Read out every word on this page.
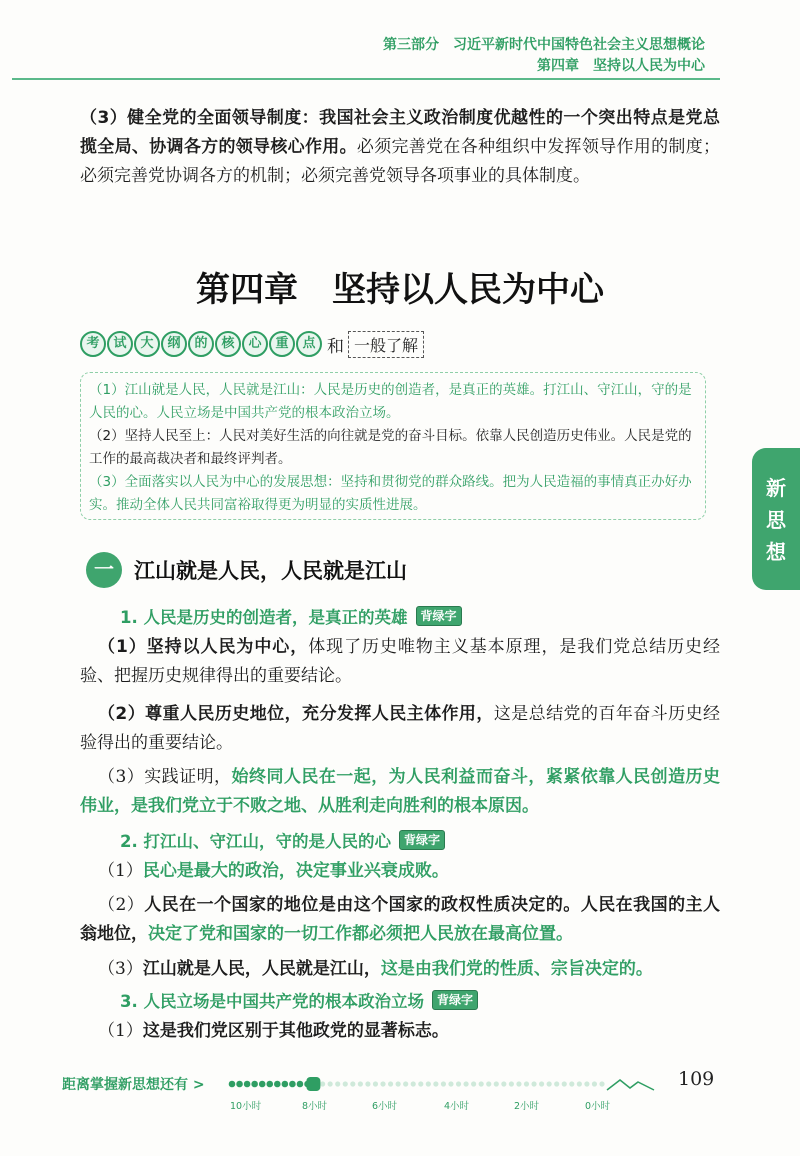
第三部分　习近平新时代中国特色社会主义思想概论
第四章　坚持以人民为中心
（3）健全党的全面领导制度：我国社会主义政治制度优越性的一个突出特点是党总揽全局、协调各方的领导核心作用。必须完善党在各种组织中发挥领导作用的制度；必须完善党协调各方的机制；必须完善党领导各项事业的具体制度。
第四章　坚持以人民为中心
考 试 大 纲 的 核 心 重 点 和 一般了解
（1）江山就是人民，人民就是江山：人民是历史的创造者，是真正的英雄。打江山、守江山，守的是人民的心。人民立场是中国共产党的根本政治立场。
（2）坚持人民至上：人民对美好生活的向往就是党的奋斗目标。依靠人民创造历史伟业。人民是党的工作的最高裁决者和最终评判者。
（3）全面落实以人民为中心的发展思想：坚持和贯彻党的群众路线。把为人民造福的事情真正办好办实。推动全体人民共同富裕取得更为明显的实质性进展。
新
思
想
一 江山就是人民，人民就是江山
1. 人民是历史的创造者，是真正的英雄	背绿字
（1）坚持以人民为中心，体现了历史唯物主义基本原理，是我们党总结历史经验、把握历史规律得出的重要结论。
（2）尊重人民历史地位，充分发挥人民主体作用，这是总结党的百年奋斗历史经验得出的重要结论。
（3）实践证明，始终同人民在一起，为人民利益而奋斗，紧紧依靠人民创造历史伟业，是我们党立于不败之地、从胜利走向胜利的根本原因。
2. 打江山、守江山，守的是人民的心	背绿字
（1）民心是最大的政治，决定事业兴衰成败。
（2）人民在一个国家的地位是由这个国家的政权性质决定的。人民在我国的主人翁地位，决定了党和国家的一切工作都必须把人民放在最高位置。
（3）江山就是人民，人民就是江山，这是由我们党的性质、宗旨决定的。
3. 人民立场是中国共产党的根本政治立场	背绿字
（1）这是我们党区别于其他政党的显著标志。
距离掌握新思想还有 >	109
10小时	8小时	6小时	4小时	2小时	0小时
